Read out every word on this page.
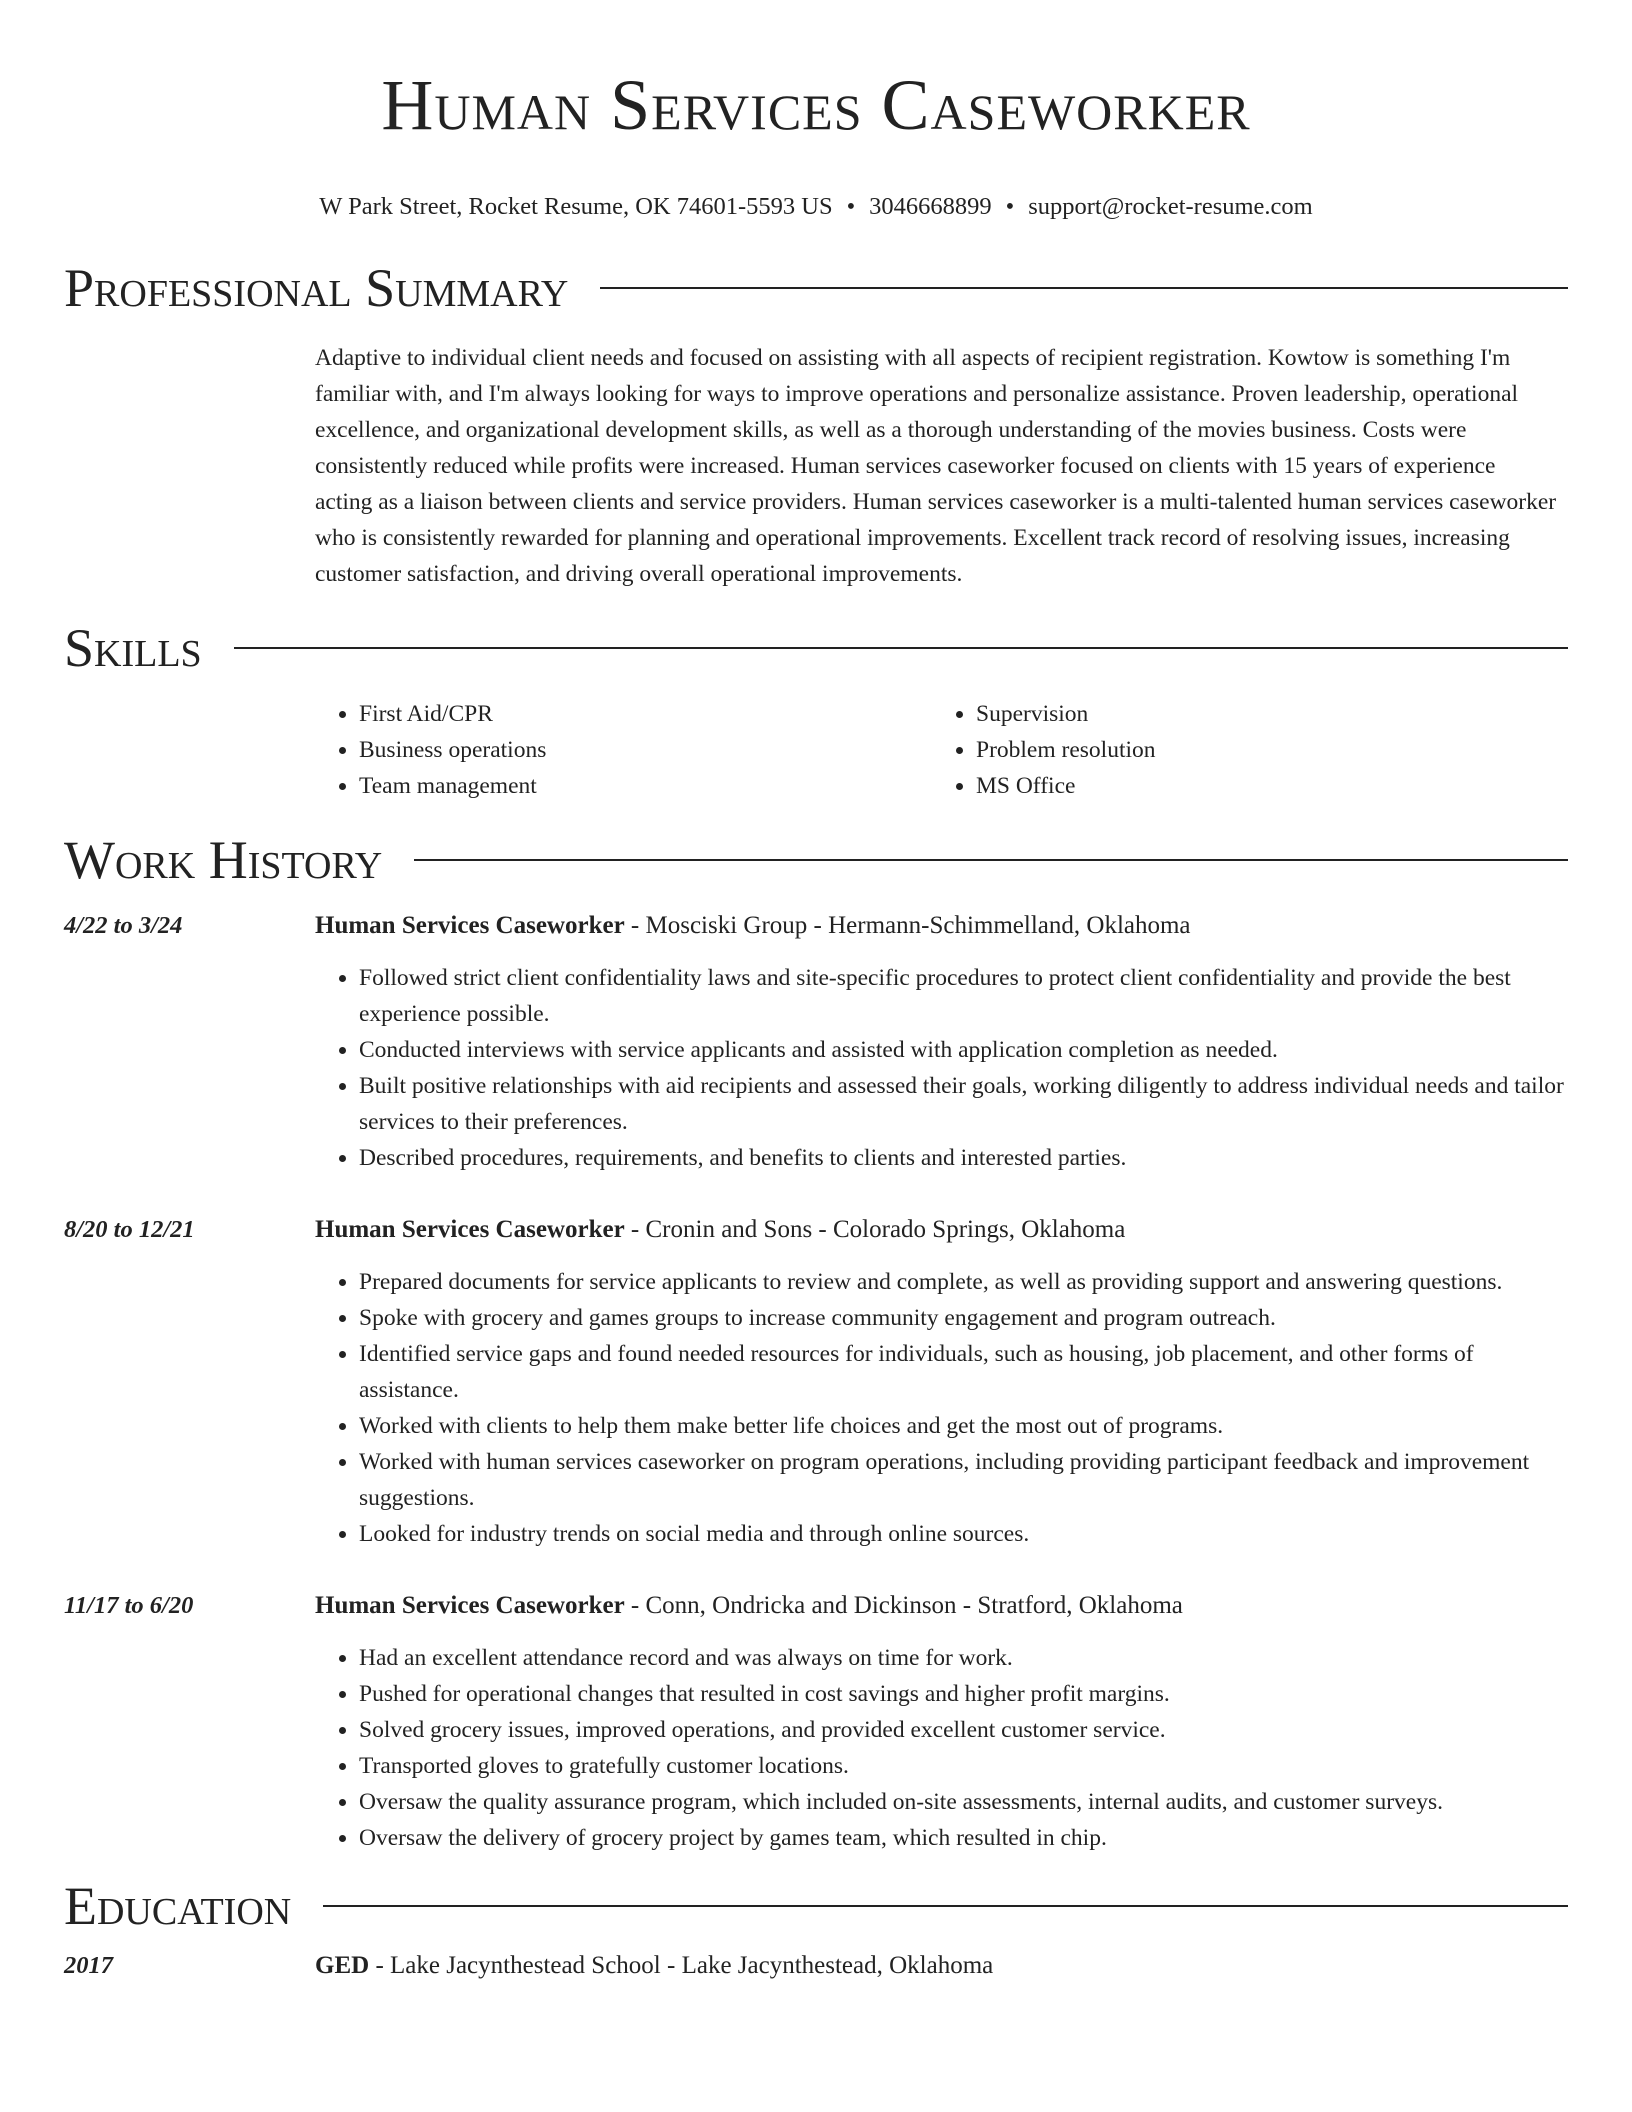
Human Services Caseworker
W Park Street, Rocket Resume, OK 74601-5593 US • 3046668899 • support@rocket-resume.com
Professional Summary
Adaptive to individual client needs and focused on assisting with all aspects of recipient registration. Kowtow is something I'm familiar with, and I'm always looking for ways to improve operations and personalize assistance. Proven leadership, operational excellence, and organizational development skills, as well as a thorough understanding of the movies business. Costs were consistently reduced while profits were increased. Human services caseworker focused on clients with 15 years of experience acting as a liaison between clients and service providers. Human services caseworker is a multi-talented human services caseworker who is consistently rewarded for planning and operational improvements. Excellent track record of resolving issues, increasing customer satisfaction, and driving overall operational improvements.
Skills
• First Aid/CPR
• Business operations
• Team management
• Supervision
• Problem resolution
• MS Office
Work History
4/22 to 3/24	Human Services Caseworker - Mosciski Group - Hermann-Schimmelland, Oklahoma
• Followed strict client confidentiality laws and site-specific procedures to protect client confidentiality and provide the best experience possible.
• Conducted interviews with service applicants and assisted with application completion as needed.
• Built positive relationships with aid recipients and assessed their goals, working diligently to address individual needs and tailor services to their preferences.
• Described procedures, requirements, and benefits to clients and interested parties.
8/20 to 12/21	Human Services Caseworker - Cronin and Sons - Colorado Springs, Oklahoma
• Prepared documents for service applicants to review and complete, as well as providing support and answering questions.
• Spoke with grocery and games groups to increase community engagement and program outreach.
• Identified service gaps and found needed resources for individuals, such as housing, job placement, and other forms of assistance.
• Worked with clients to help them make better life choices and get the most out of programs.
• Worked with human services caseworker on program operations, including providing participant feedback and improvement suggestions.
• Looked for industry trends on social media and through online sources.
11/17 to 6/20	Human Services Caseworker - Conn, Ondricka and Dickinson - Stratford, Oklahoma
• Had an excellent attendance record and was always on time for work.
• Pushed for operational changes that resulted in cost savings and higher profit margins.
• Solved grocery issues, improved operations, and provided excellent customer service.
• Transported gloves to gratefully customer locations.
• Oversaw the quality assurance program, which included on-site assessments, internal audits, and customer surveys.
• Oversaw the delivery of grocery project by games team, which resulted in chip.
Education
2017	GED - Lake Jacynthestead School - Lake Jacynthestead, Oklahoma
